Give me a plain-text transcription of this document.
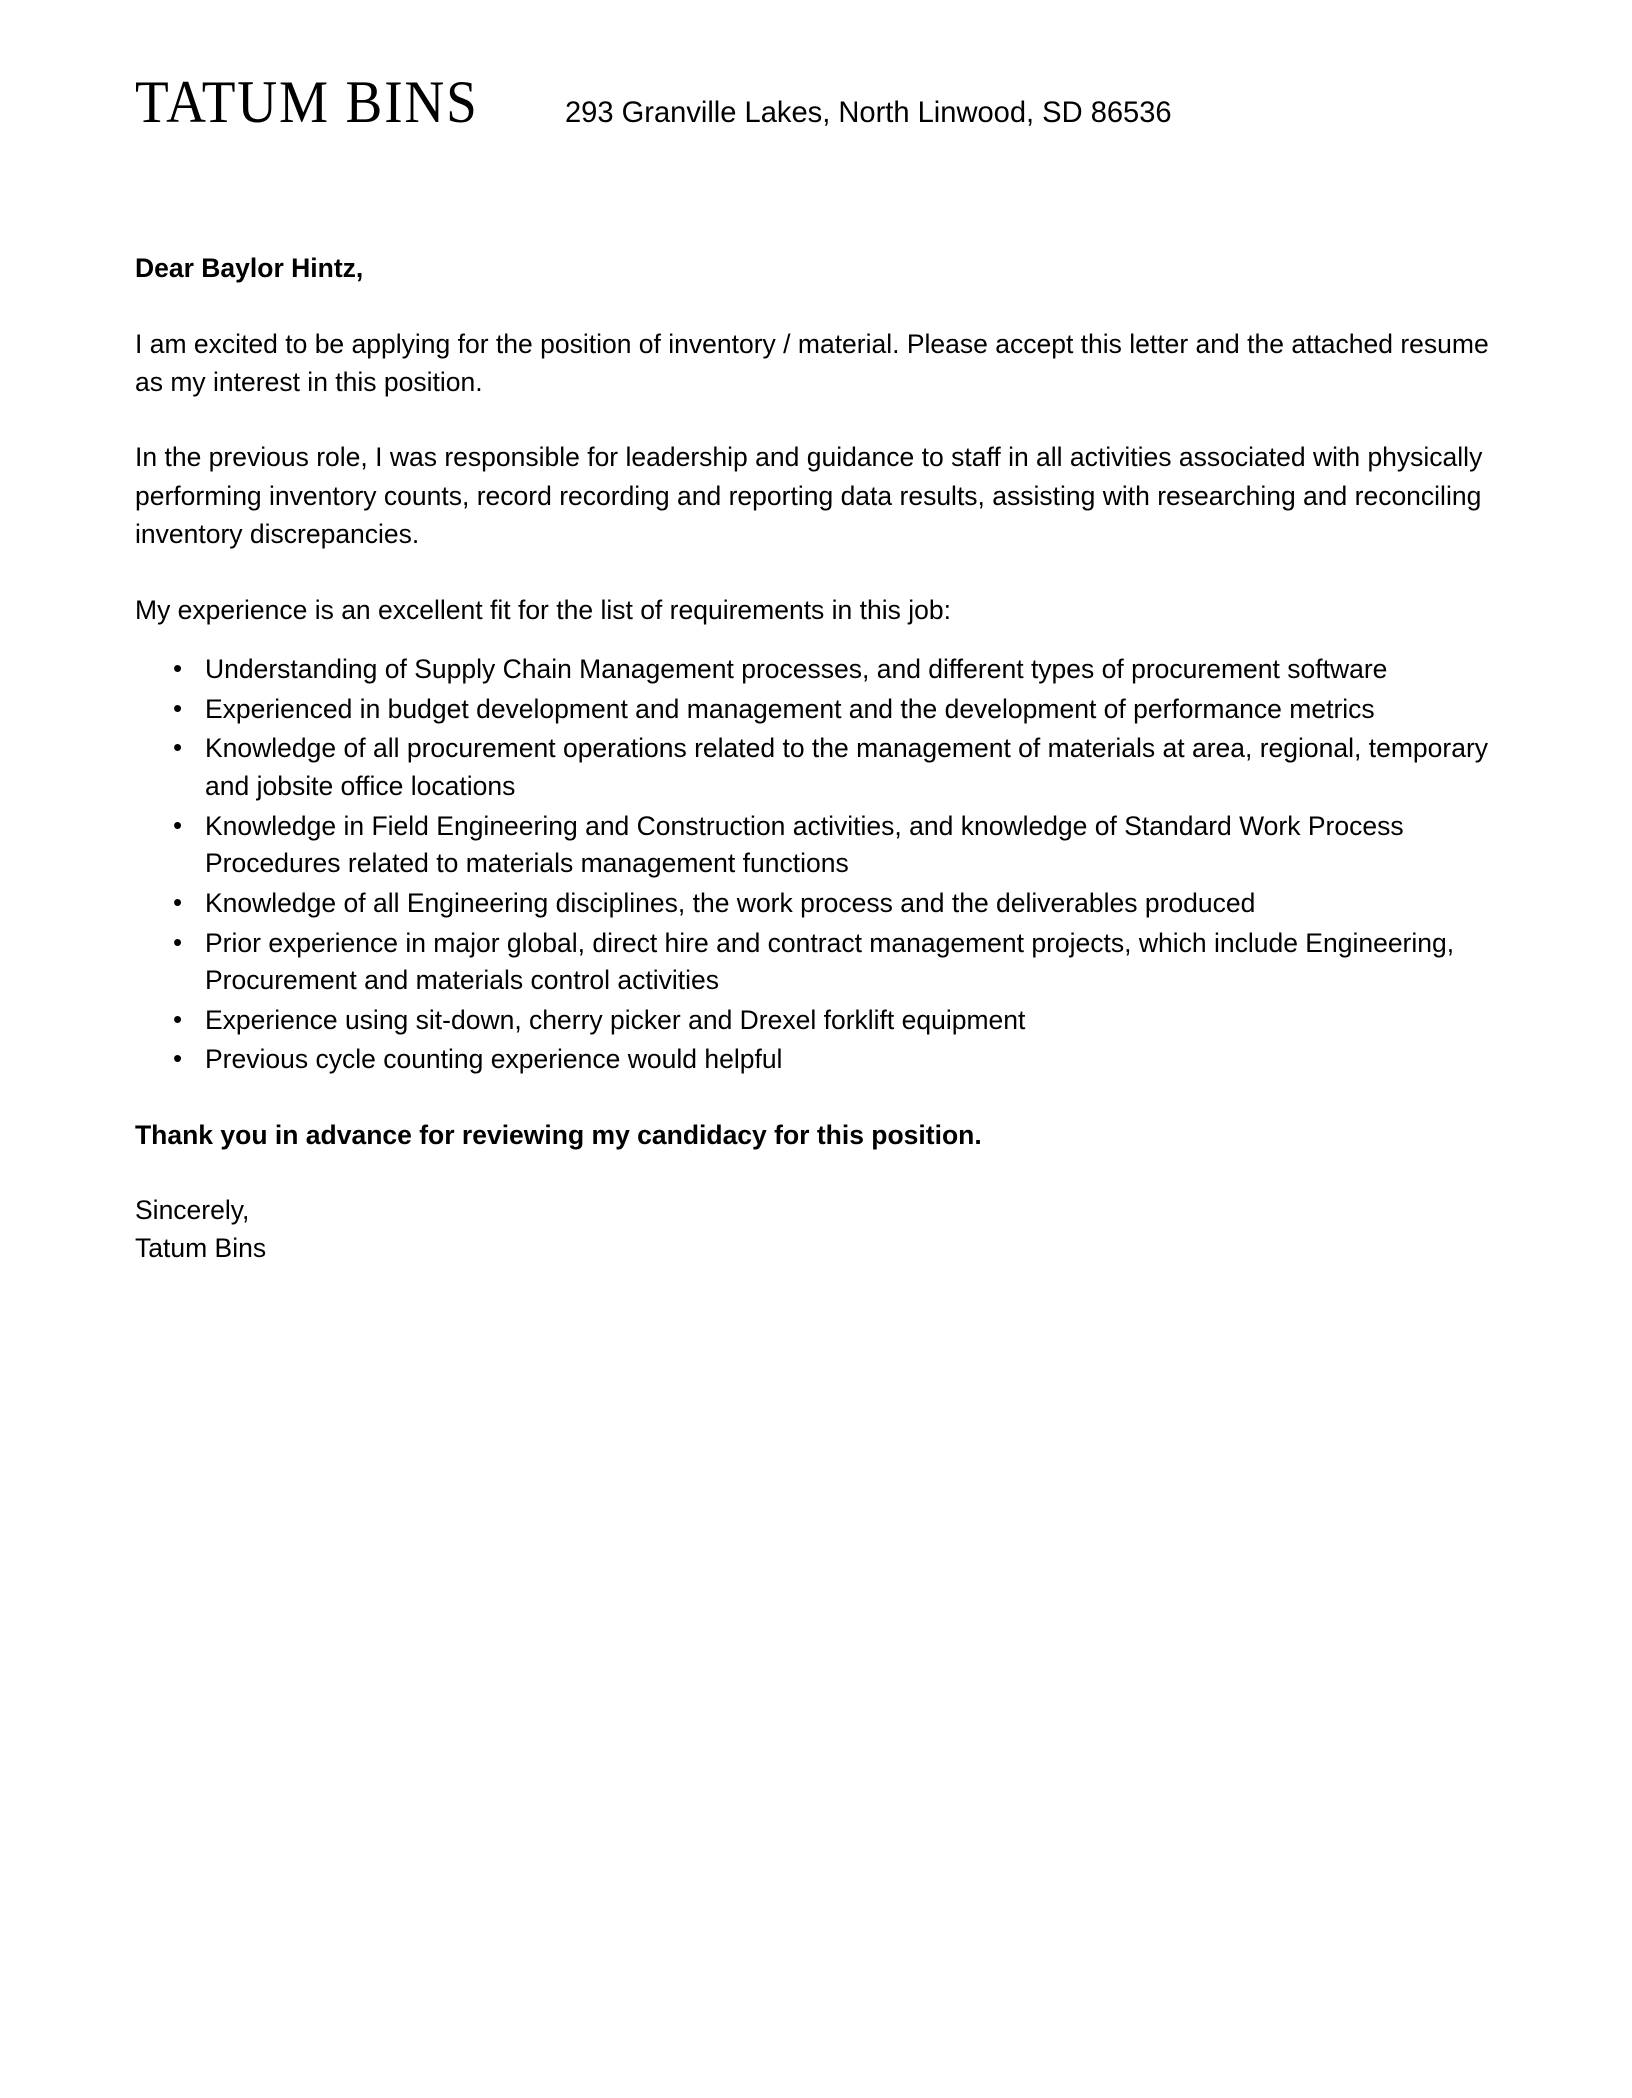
TATUM BINS	293 Granville Lakes, North Linwood, SD 86536

Dear Baylor Hintz,

I am excited to be applying for the position of inventory / material. Please accept this letter and the attached resume as my interest in this position.

In the previous role, I was responsible for leadership and guidance to staff in all activities associated with physically performing inventory counts, record recording and reporting data results, assisting with researching and reconciling inventory discrepancies.

My experience is an excellent fit for the list of requirements in this job:

• Understanding of Supply Chain Management processes, and different types of procurement software
• Experienced in budget development and management and the development of performance metrics
• Knowledge of all procurement operations related to the management of materials at area, regional, temporary and jobsite office locations
• Knowledge in Field Engineering and Construction activities, and knowledge of Standard Work Process Procedures related to materials management functions
• Knowledge of all Engineering disciplines, the work process and the deliverables produced
• Prior experience in major global, direct hire and contract management projects, which include Engineering, Procurement and materials control activities
• Experience using sit-down, cherry picker and Drexel forklift equipment
• Previous cycle counting experience would helpful

Thank you in advance for reviewing my candidacy for this position.

Sincerely,

Tatum Bins
